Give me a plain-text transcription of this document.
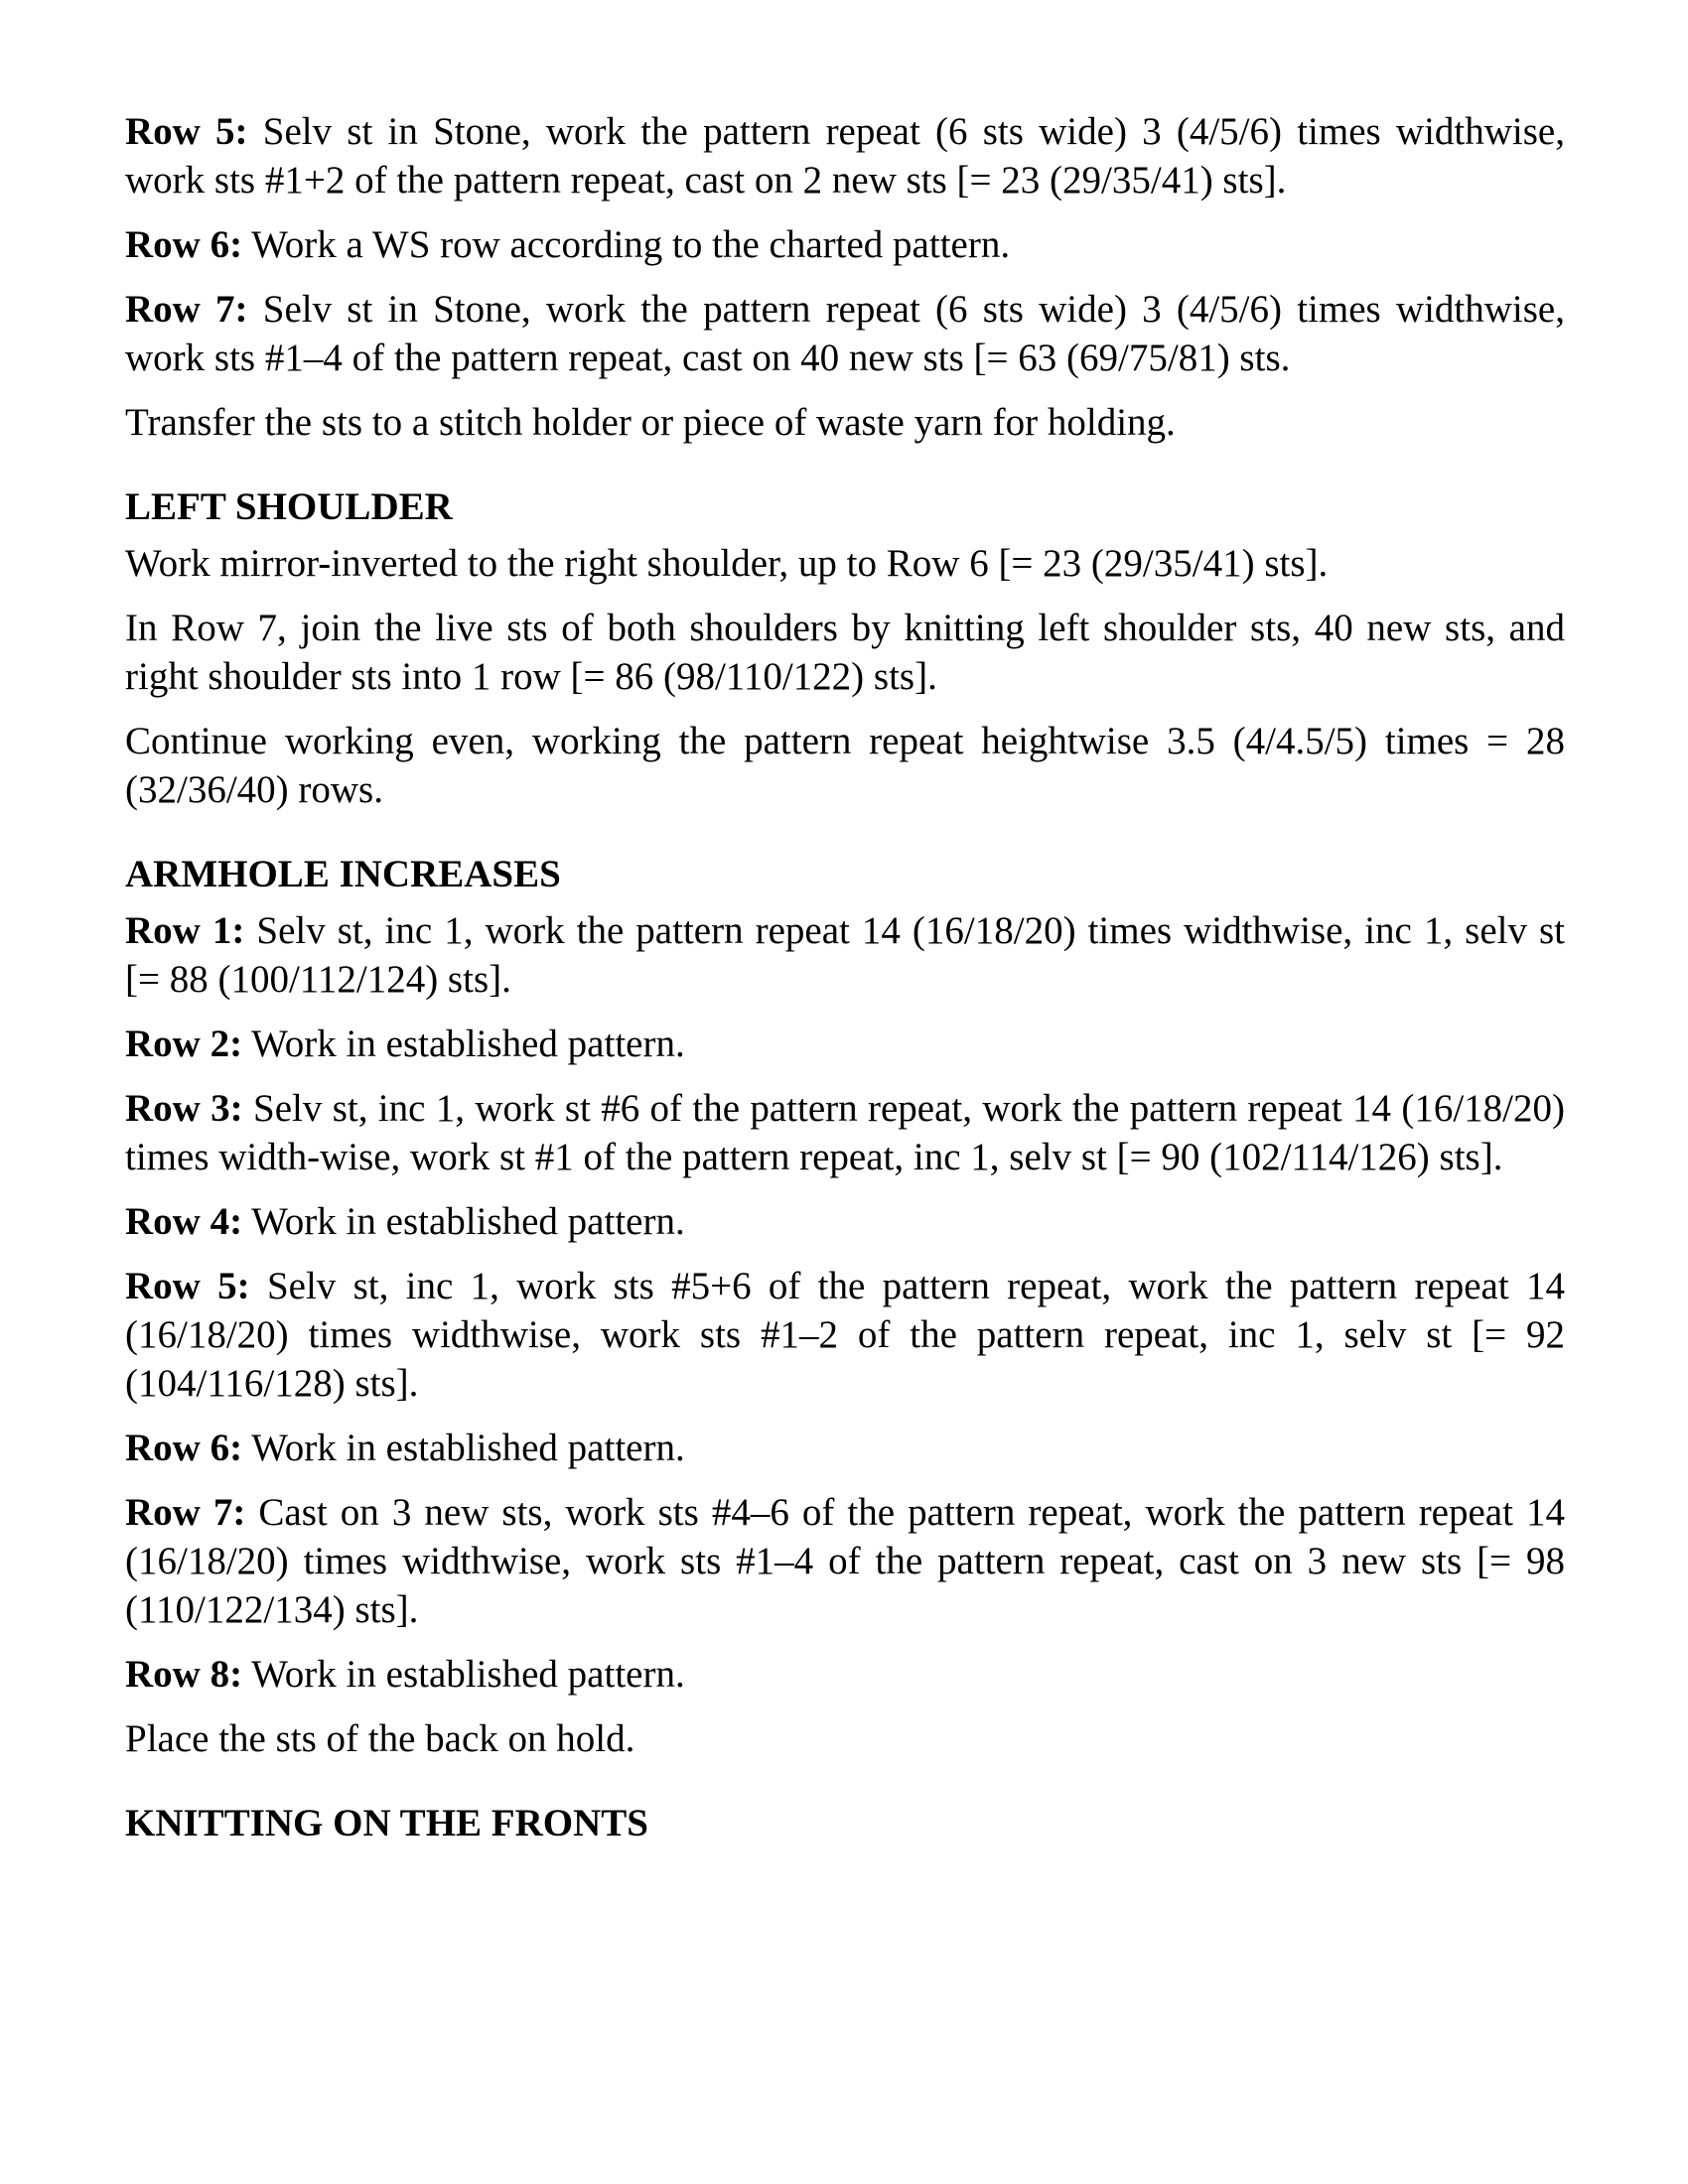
Row 5: Selv st in Stone, work the pattern repeat (6 sts wide) 3 (4/5/6) times widthwise, work sts #1+2 of the pattern repeat, cast on 2 new sts [= 23 (29/35/41) sts].

Row 6: Work a WS row according to the charted pattern.

Row 7: Selv st in Stone, work the pattern repeat (6 sts wide) 3 (4/5/6) times widthwise, work sts #1–4 of the pattern repeat, cast on 40 new sts [= 63 (69/75/81) sts.

Transfer the sts to a stitch holder or piece of waste yarn for holding.

LEFT SHOULDER

Work mirror-inverted to the right shoulder, up to Row 6 [= 23 (29/35/41) sts].

In Row 7, join the live sts of both shoulders by knitting left shoulder sts, 40 new sts, and right shoulder sts into 1 row [= 86 (98/110/122) sts].

Continue working even, working the pattern repeat heightwise 3.5 (4/4.5/5) times = 28 (32/36/40) rows.

ARMHOLE INCREASES

Row 1: Selv st, inc 1, work the pattern repeat 14 (16/18/20) times widthwise, inc 1, selv st [= 88 (100/112/124) sts].

Row 2: Work in established pattern.

Row 3: Selv st, inc 1, work st #6 of the pattern repeat, work the pattern repeat 14 (16/18/20) times width-wise, work st #1 of the pattern repeat, inc 1, selv st [= 90 (102/114/126) sts].

Row 4: Work in established pattern.

Row 5: Selv st, inc 1, work sts #5+6 of the pattern repeat, work the pattern repeat 14 (16/18/20) times widthwise, work sts #1–2 of the pattern repeat, inc 1, selv st [= 92 (104/116/128) sts].

Row 6: Work in established pattern.

Row 7: Cast on 3 new sts, work sts #4–6 of the pattern repeat, work the pattern repeat 14 (16/18/20) times widthwise, work sts #1–4 of the pattern repeat, cast on 3 new sts [= 98 (110/122/134) sts].

Row 8: Work in established pattern.

Place the sts of the back on hold.

KNITTING ON THE FRONTS
